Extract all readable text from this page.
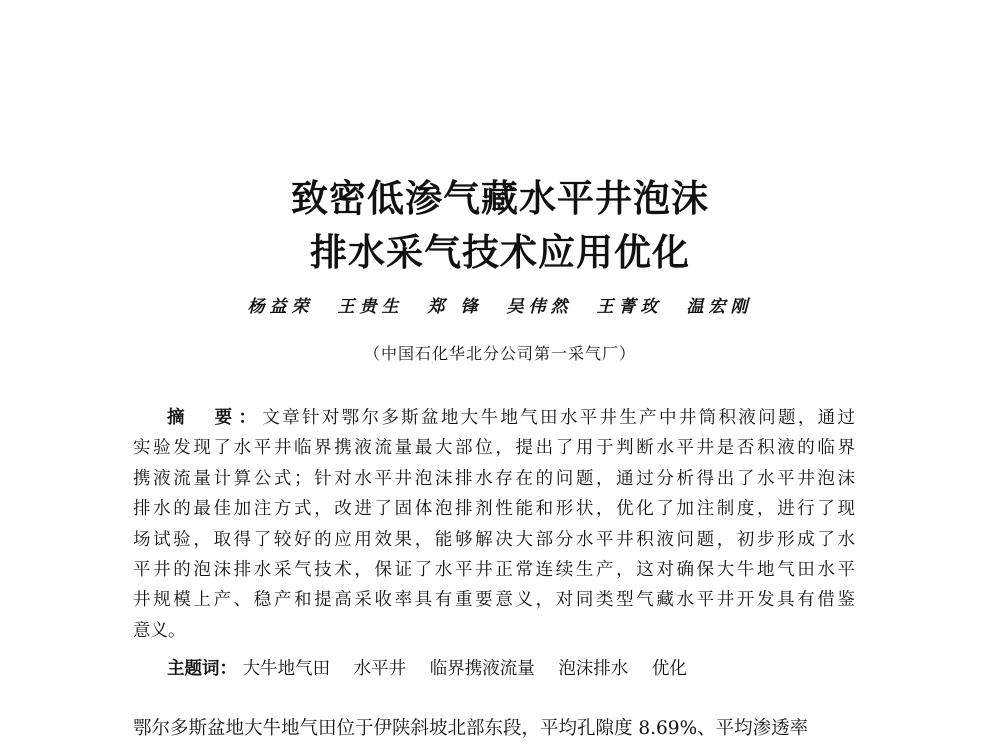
致密低渗气藏水平井泡沫
排水采气技术应用优化
杨益荣 王贵生 郑 锋 吴伟然 王菁玫 温宏刚
（中国石化华北分公司第一采气厂）
摘　要：文章针对鄂尔多斯盆地大牛地气田水平井生产中井筒积液问题，通过
实验发现了水平井临界携液流量最大部位，提出了用于判断水平井是否积液的临界
携液流量计算公式；针对水平井泡沫排水存在的问题，通过分析得出了水平井泡沫
排水的最佳加注方式，改进了固体泡排剂性能和形状，优化了加注制度，进行了现
场试验，取得了较好的应用效果，能够解决大部分水平井积液问题，初步形成了水
平井的泡沫排水采气技术，保证了水平井正常连续生产，这对确保大牛地气田水平
井规模上产、稳产和提高采收率具有重要意义，对同类型气藏水平井开发具有借鉴
意义。
主题词： 大牛地气田 水平井 临界携液流量 泡沫排水 优化
鄂尔多斯盆地大牛地气田位于伊陕斜坡北部东段，平均孔隙度 8.69%、平均渗透率
